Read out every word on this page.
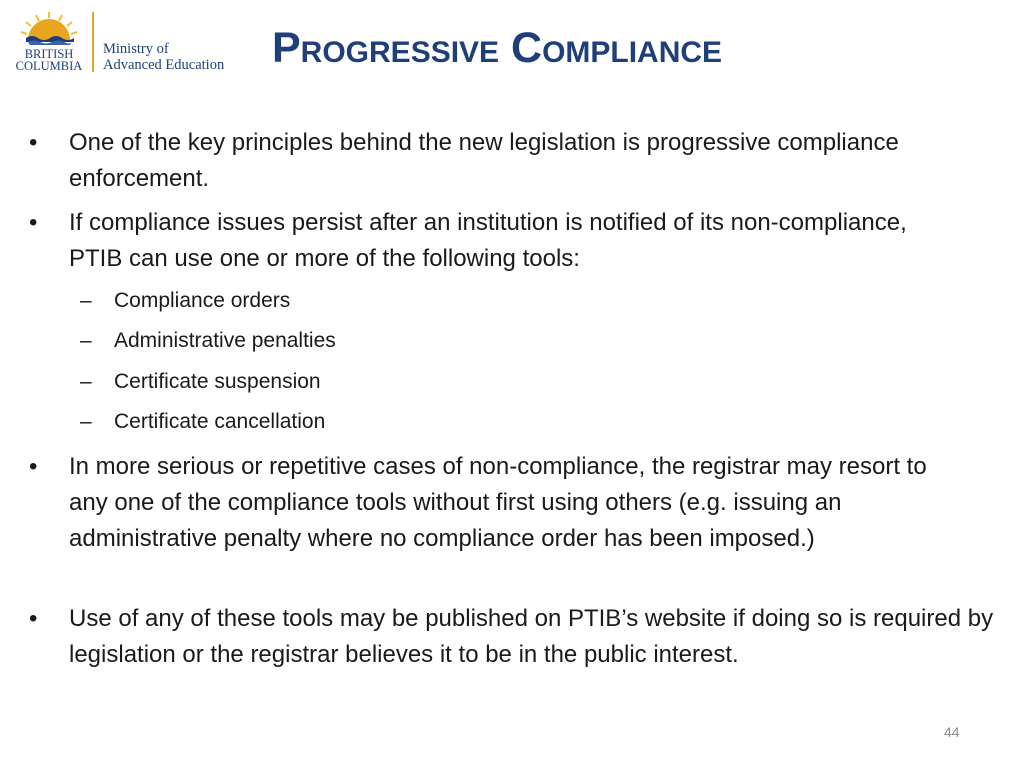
BRITISH
COLUMBIA
Ministry of
Advanced Education	Progressive Compliance
• One of the key principles behind the new legislation is progressive compliance enforcement.
• If compliance issues persist after an institution is notified of its non-compliance, PTIB can use one or more of the following tools:
– Compliance orders
– Administrative penalties
– Certificate suspension
– Certificate cancellation
• In more serious or repetitive cases of non-compliance, the registrar may resort to any one of the compliance tools without first using others (e.g. issuing an administrative penalty where no compliance order has been imposed.)
• Use of any of these tools may be published on PTIB’s website if doing so is required by legislation or the registrar believes it to be in the public interest.
44
